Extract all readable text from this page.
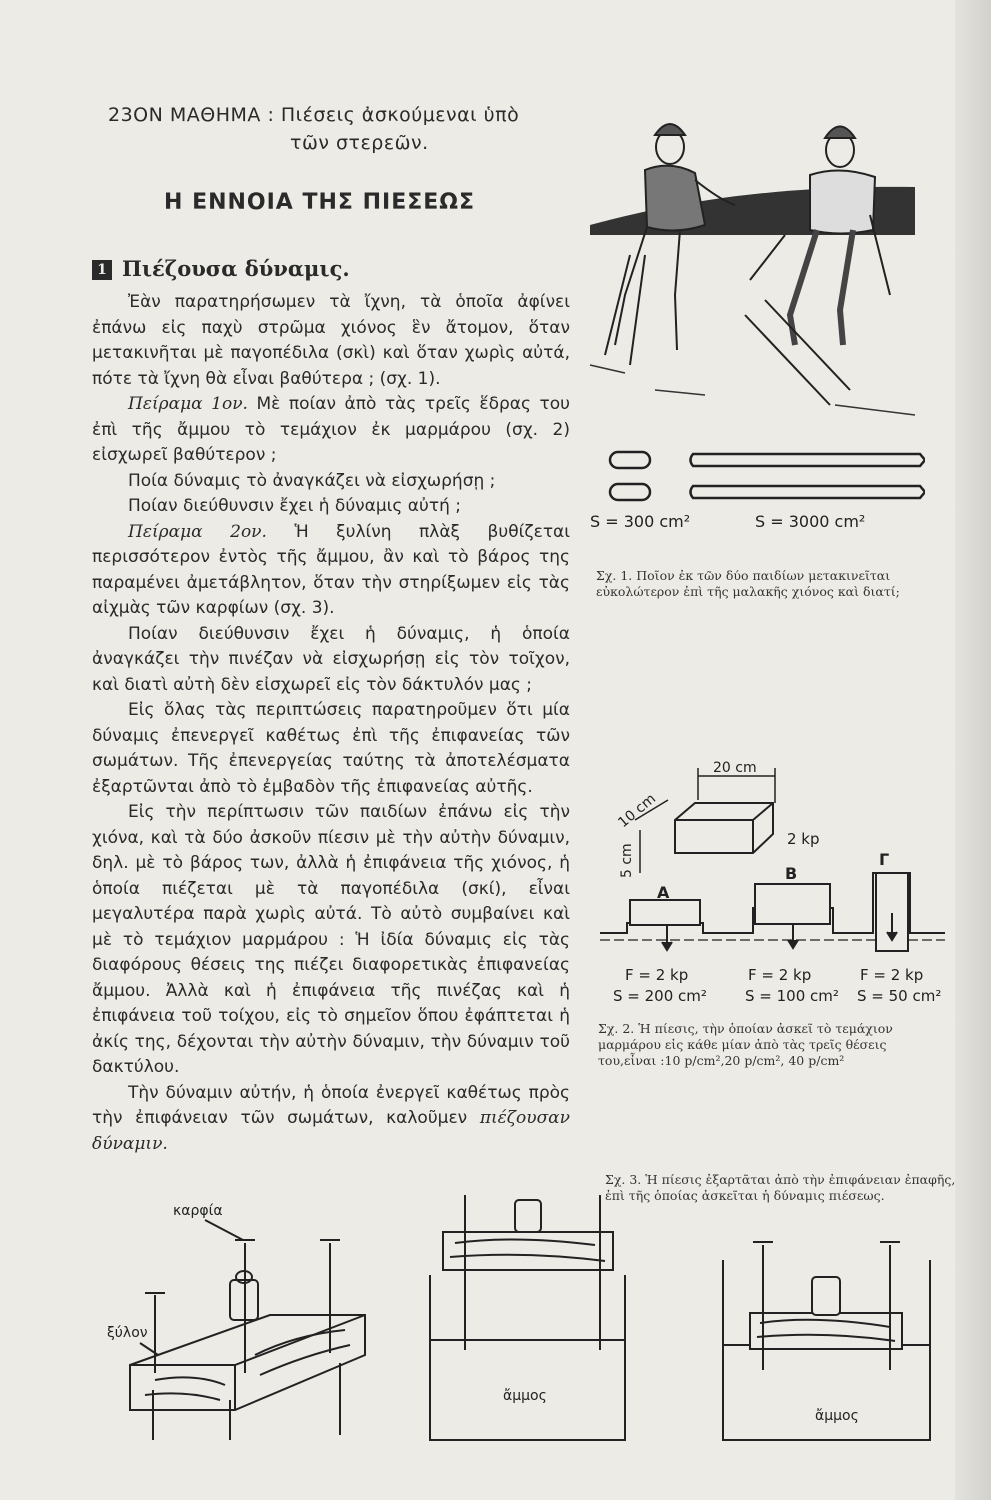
23ΟΝ ΜΑΘΗΜΑ : Πιέσεις ἀσκούμεναι ὑπὸ
τῶν στερεῶν.
Η ΕΝΝΟΙΑ ΤΗΣ ΠΙΕΣΕΩΣ
1 Πιέζουσα δύναμις.

Ἐὰν παρατηρήσωμεν τὰ ἴχνη, τὰ ὁποῖα ἀφίνει ἐπάνω εἰς παχὺ στρῶμα χιόνος ἓν ἄτομον, ὅταν μετακινῆται μὲ παγοπέδιλα (σκὶ) καὶ ὅταν χωρὶς αὐτά, πότε τὰ ἴχνη θὰ εἶναι βαθύτερα ; (σχ. 1).

Πείραμα 1ον. Μὲ ποίαν ἀπὸ τὰς τρεῖς ἕδρας του ἐπὶ τῆς ἄμμου τὸ τεμάχιον ἐκ μαρμάρου (σχ. 2) εἰσχωρεῖ βαθύτερον ;

Ποία δύναμις τὸ ἀναγκάζει νὰ εἰσχωρήσῃ ;

Ποίαν διεύθυνσιν ἔχει ἡ δύναμις αὐτή ;

Πείραμα 2ον. Ἡ ξυλίνη πλὰξ βυθίζεται περισσότερον ἐντὸς τῆς ἄμμου, ἂν καὶ τὸ βάρος της παραμένει ἀμετάβλητον, ὅταν τὴν στηρίξωμεν εἰς τὰς αἰχμὰς τῶν καρφίων (σχ. 3).

Ποίαν διεύθυνσιν ἔχει ἡ δύναμις, ἡ ὁποία ἀναγκάζει τὴν πινέζαν νὰ εἰσχωρήσῃ εἰς τὸν τοῖχον, καὶ διατὶ αὐτὴ δὲν εἰσχωρεῖ εἰς τὸν δάκτυλόν μας ;

Εἰς ὅλας τὰς περιπτώσεις παρατηροῦμεν ὅτι μία δύναμις ἐπενεργεῖ καθέτως ἐπὶ τῆς ἐπιφανείας τῶν σωμάτων. Τῆς ἐπενεργείας ταύτης τὰ ἀποτελέσματα ἐξαρτῶνται ἀπὸ τὸ ἐμβαδὸν τῆς ἐπιφανείας αὐτῆς.

Εἰς τὴν περίπτωσιν τῶν παιδίων ἐπάνω εἰς τὴν χιόνα, καὶ τὰ δύο ἀσκοῦν πίεσιν μὲ τὴν αὐτὴν δύναμιν, δηλ. μὲ τὸ βάρος των, ἀλλὰ ἡ ἐπιφάνεια τῆς χιόνος, ἡ ὁποία πιέζεται μὲ τὰ παγοπέδιλα (σκί), εἶναι μεγαλυτέρα παρὰ χωρὶς αὐτά. Τὸ αὐτὸ συμβαίνει καὶ μὲ τὸ τεμάχιον μαρμάρου : Ἡ ἰδία δύναμις εἰς τὰς διαφόρους θέσεις της πιέζει διαφορετικὰς ἐπιφανείας ἄμμου. Ἀλλὰ καὶ ἡ ἐπιφάνεια τῆς πινέζας καὶ ἡ ἐπιφάνεια τοῦ τοίχου, εἰς τὸ σημεῖον ὅπου ἐφάπτεται ἡ ἀκίς της, δέχονται τὴν αὐτὴν δύναμιν, τὴν δύναμιν τοῦ δακτύλου.

Τὴν δύναμιν αὐτήν, ἡ ὁποία ἐνεργεῖ καθέτως πρὸς τὴν ἐπιφάνειαν τῶν σωμάτων, καλοῦμεν πιέζουσαν δύναμιν.

S = 300 cm²	S = 3000 cm²
Σχ. 1. Ποῖον ἐκ τῶν δύο παιδίων μετακινεῖται εὐκολώτερον ἐπὶ τῆς μαλακῆς χιόνος καὶ διατί;
20 cm
10 cm
5 cm
2 kp
Α
Β
Γ
F = 2 kp	F = 2 kp	F = 2 kp
S = 200 cm²	S = 100 cm² S = 50 cm²
Σχ. 2. Ἡ πίεσις, τὴν ὁποίαν ἀσκεῖ τὸ τεμάχιον μαρμάρου εἰς κάθε μίαν ἀπὸ τὰς τρεῖς θέσεις του,εἶναι :10 p/cm²,20 p/cm², 40 p/cm²
Σχ. 3. Ἡ πίεσις ἐξαρτᾶται ἀπὸ τὴν ἐπιφάνειαν ἐπαφῆς, ἐπὶ τῆς ὁποίας ἀσκεῖται ἡ δύναμις πιέσεως.
καρφία
ξύλον
ἄμμος
ἄμμος
